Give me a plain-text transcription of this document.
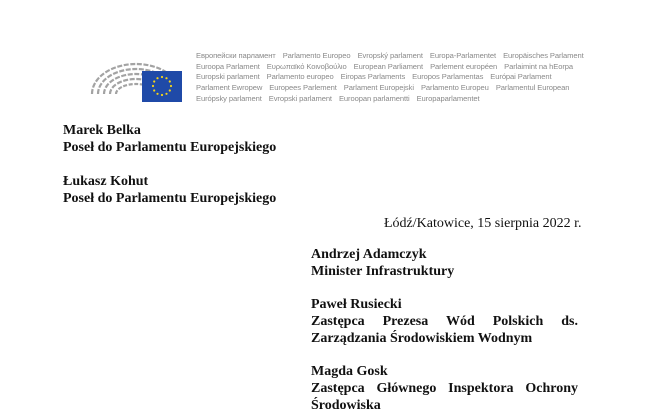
Европейски парламент Parlamento Europeo Evropský parlament Europa-Parlamentet Europäisches Parlament
Euroopa Parlament Ευρωπαϊκό Κοινοβούλιο European Parliament Parlement européen Parlaimint na hEorpa
Europski parlament Parlamento europeo Eiropas Parlaments Europos Parlamentas Európai Parlament
Parlament Ewropew Europees Parlement Parlament Europejski Parlamento Europeu Parlamentul European
Európsky parlament Evropski parlament Euroopan parlamentti Europaparlamentet
Marek Belka
Poseł do Parlamentu Europejskiego
Łukasz Kohut
Poseł do Parlamentu Europejskiego
Łódź/Katowice, 15 sierpnia 2022 r.
Andrzej Adamczyk
Minister Infrastruktury
Paweł Rusiecki
Zastępca Prezesa Wód Polskich ds.
Zarządzania Środowiskiem Wodnym
Magda Gosk
Zastępca Głównego Inspektora Ochrony
Środowiska
